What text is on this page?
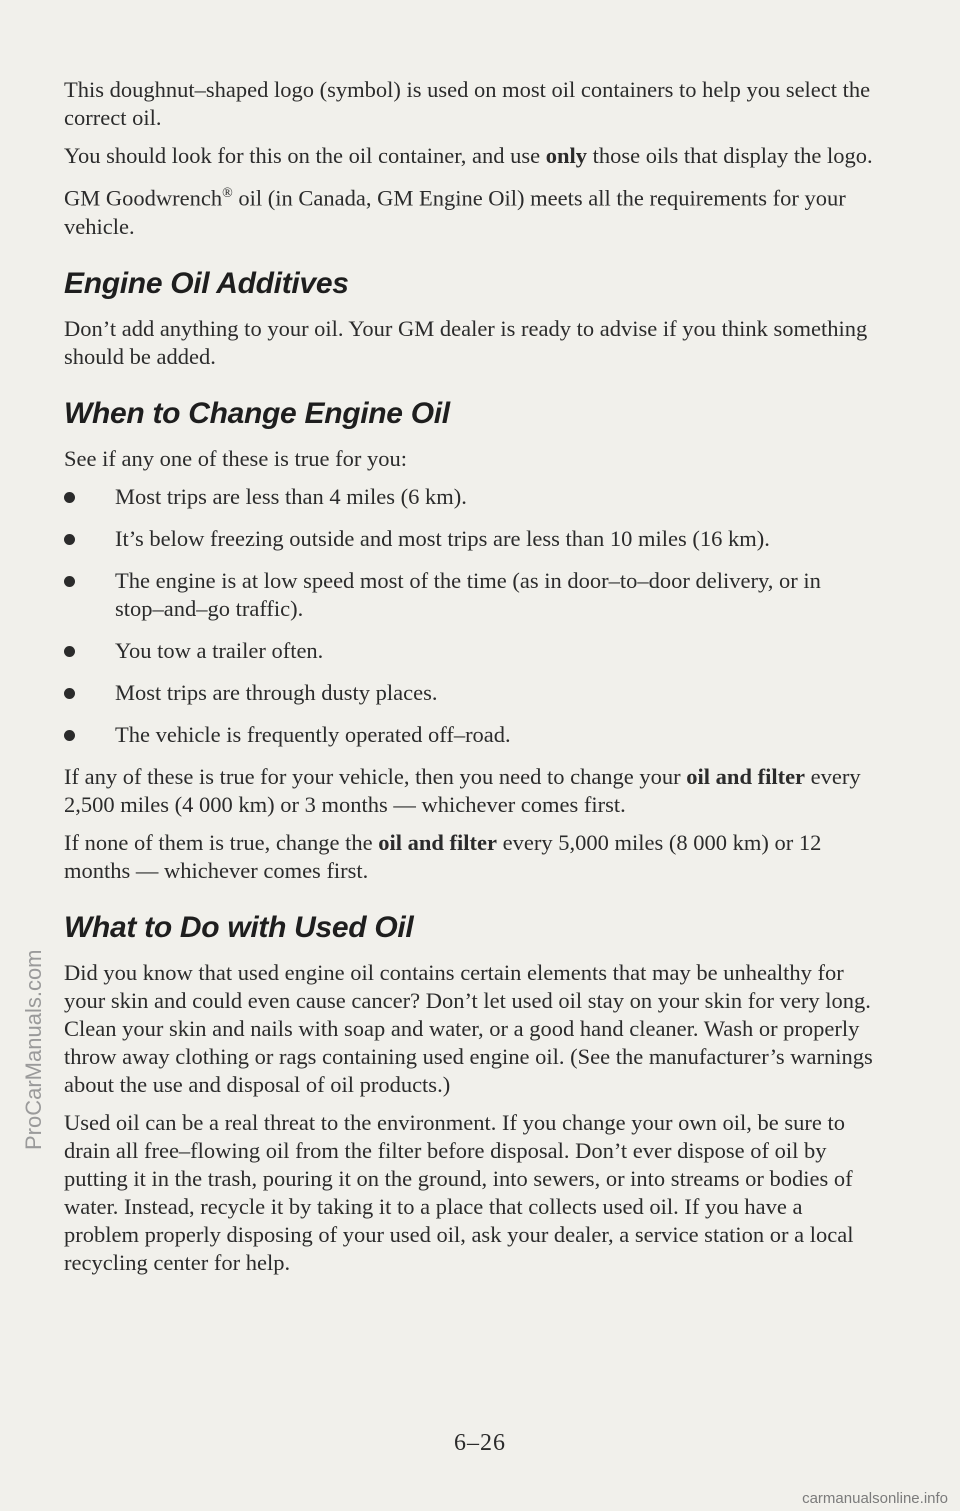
This doughnut–shaped logo (symbol) is used on most oil containers to help you select the correct oil.

You should look for this on the oil container, and use only those oils that display the logo.

GM Goodwrench® oil (in Canada, GM Engine Oil) meets all the requirements for your vehicle.

Engine Oil Additives

Don’t add anything to your oil. Your GM dealer is ready to advise if you think something should be added.

When to Change Engine Oil

See if any one of these is true for you:

Most trips are less than 4 miles (6 km).
It’s below freezing outside and most trips are less than 10 miles (16 km).
The engine is at low speed most of the time (as in door–to–door delivery, or in stop–and–go traffic).
You tow a trailer often.
Most trips are through dusty places.
The vehicle is frequently operated off–road.

If any of these is true for your vehicle, then you need to change your oil and filter every 2,500 miles (4 000 km) or 3 months — whichever comes first.

If none of them is true, change the oil and filter every 5,000 miles (8 000 km) or 12 months — whichever comes first.

What to Do with Used Oil

Did you know that used engine oil contains certain elements that may be unhealthy for your skin and could even cause cancer? Don’t let used oil stay on your skin for very long. Clean your skin and nails with soap and water, or a good hand cleaner. Wash or properly throw away clothing or rags containing used engine oil. (See the manufacturer’s warnings about the use and disposal of oil products.)

Used oil can be a real threat to the environment. If you change your own oil, be sure to drain all free–flowing oil from the filter before disposal. Don’t ever dispose of oil by putting it in the trash, pouring it on the ground, into sewers, or into streams or bodies of water. Instead, recycle it by taking it to a place that collects used oil. If you have a problem properly disposing of your used oil, ask your dealer, a service station or a local recycling center for help.

6–26
ProCarManuals.com
carmanualsonline.info
